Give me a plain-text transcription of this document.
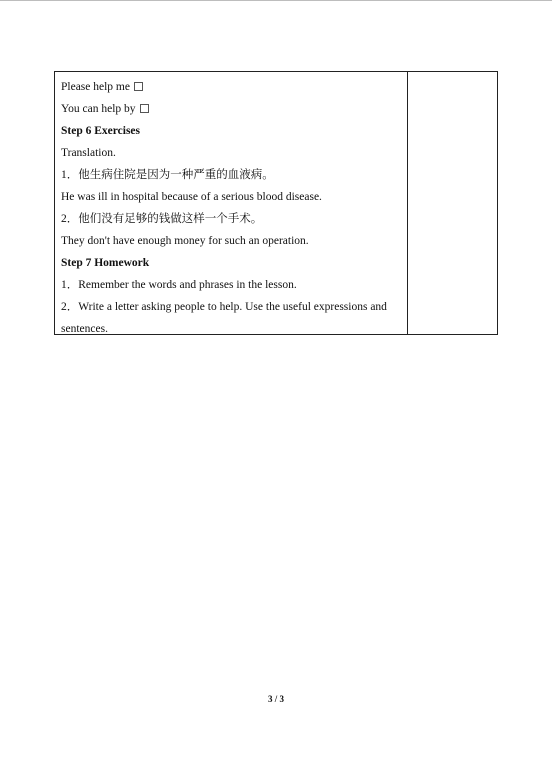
Please help me
You can help by
Step 6 Exercises
Translation.
1．他生病住院是因为一种严重的血液病。
He was ill in hospital because of a serious blood disease.
2．他们没有足够的钱做这样一个手术。
They don't have enough money for such an operation.
Step 7 Homework
1．Remember the words and phrases in the lesson.
2．Write a letter asking people to help. Use the useful expressions and
sentences.
3 / 3
